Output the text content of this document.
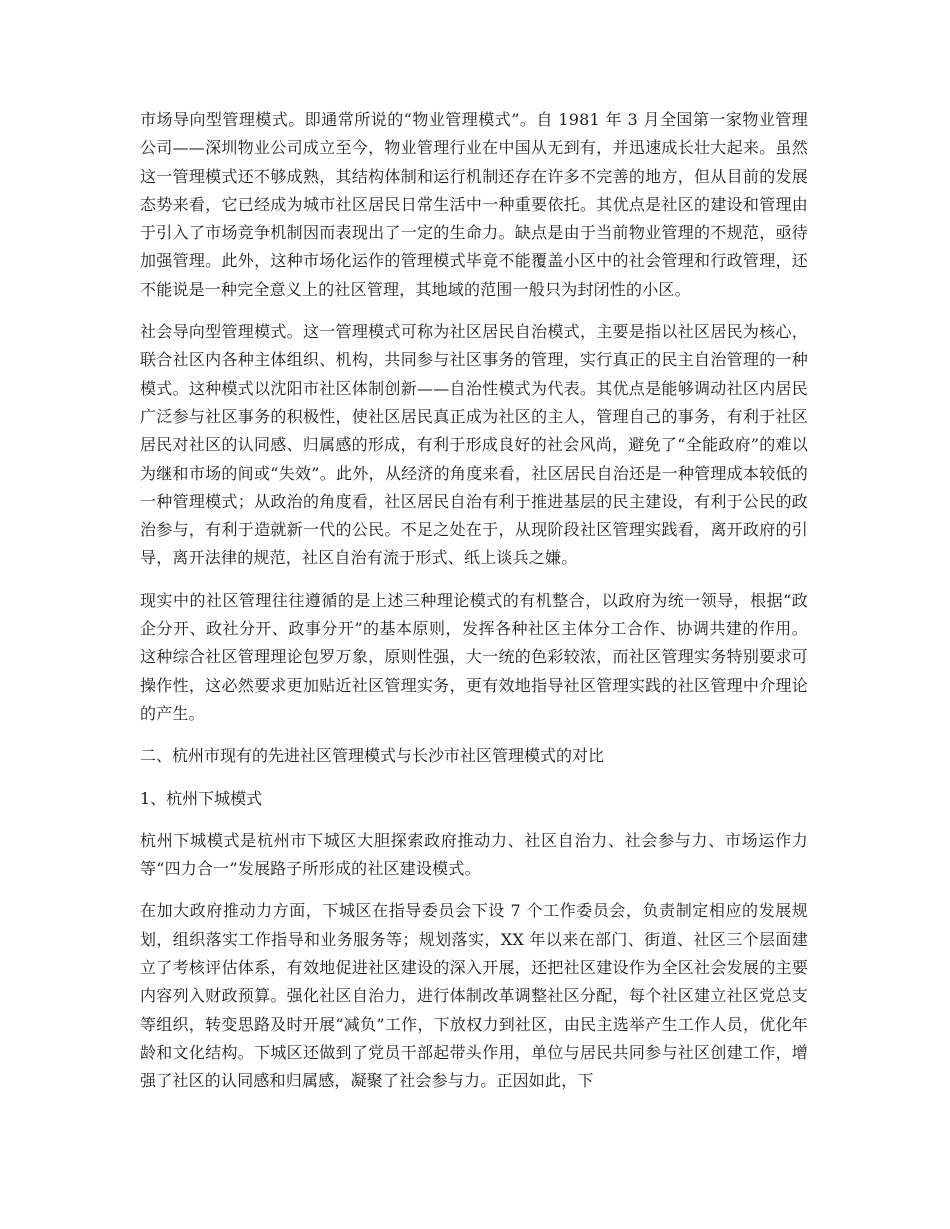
市场导向型管理模式。即通常所说的“物业管理模式”。自 1981 年 3 月全国第一家物业管理公司——深圳物业公司成立至今，物业管理行业在中国从无到有，并迅速成长壮大起来。虽然这一管理模式还不够成熟，其结构体制和运行机制还存在许多不完善的地方，但从目前的发展态势来看，它已经成为城市社区居民日常生活中一种重要依托。其优点是社区的建设和管理由于引入了市场竞争机制因而表现出了一定的生命力。缺点是由于当前物业管理的不规范，亟待加强管理。此外，这种市场化运作的管理模式毕竟不能覆盖小区中的社会管理和行政管理，还不能说是一种完全意义上的社区管理，其地域的范围一般只为封闭性的小区。

社会导向型管理模式。这一管理模式可称为社区居民自治模式，主要是指以社区居民为核心，联合社区内各种主体组织、机构，共同参与社区事务的管理，实行真正的民主自治管理的一种模式。这种模式以沈阳市社区体制创新——自治性模式为代表。其优点是能够调动社区内居民广泛参与社区事务的积极性，使社区居民真正成为社区的主人，管理自己的事务，有利于社区居民对社区的认同感、归属感的形成，有利于形成良好的社会风尚，避免了“全能政府”的难以为继和市场的间或“失效”。此外，从经济的角度来看，社区居民自治还是一种管理成本较低的一种管理模式；从政治的角度看，社区居民自治有利于推进基层的民主建设，有利于公民的政治参与，有利于造就新一代的公民。不足之处在于，从现阶段社区管理实践看，离开政府的引导，离开法律的规范，社区自治有流于形式、纸上谈兵之嫌。

现实中的社区管理往往遵循的是上述三种理论模式的有机整合，以政府为统一领导，根据“政企分开、政社分开、政事分开”的基本原则，发挥各种社区主体分工合作、协调共建的作用。这种综合社区管理理论包罗万象，原则性强，大一统的色彩较浓，而社区管理实务特别要求可操作性，这必然要求更加贴近社区管理实务，更有效地指导社区管理实践的社区管理中介理论的产生。

二、杭州市现有的先进社区管理模式与长沙市社区管理模式的对比

1、杭州下城模式

杭州下城模式是杭州市下城区大胆探索政府推动力、社区自治力、社会参与力、市场运作力等“四力合一”发展路子所形成的社区建设模式。

在加大政府推动力方面，下城区在指导委员会下设 7 个工作委员会，负责制定相应的发展规划，组织落实工作指导和业务服务等；规划落实，XX 年以来在部门、街道、社区三个层面建立了考核评估体系，有效地促进社区建设的深入开展，还把社区建设作为全区社会发展的主要内容列入财政预算。强化社区自治力，进行体制改革调整社区分配，每个社区建立社区党总支等组织，转变思路及时开展“减负”工作，下放权力到社区，由民主选举产生工作人员，优化年龄和文化结构。下城区还做到了党员干部起带头作用，单位与居民共同参与社区创建工作，增强了社区的认同感和归属感，凝聚了社会参与力。正因如此，下
